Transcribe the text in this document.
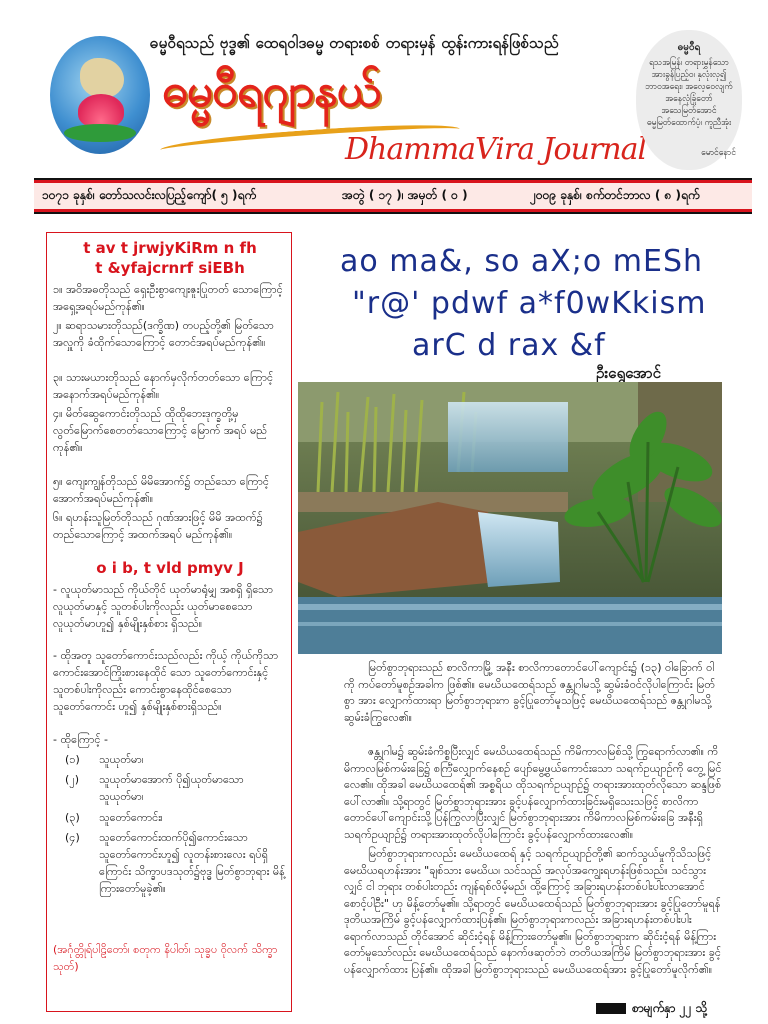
ဓမ္မဝီရသည် ဗုဒ္ဓ၏ ထေရဝါဒဓမ္မ တရားစစ် တရားမှန် ထွန်းကားရန်ဖြစ်သည်
ဓမ္မဝီရဂျာနယ်
DhammaVira Journal
ဓမ္မဝီရ
ရသအမြန်၊ တရားမွှန်သော
အားခွန်ပြည့်ဝ၊ နှလုံးလှ၍
ဘာဝအရေး၊ အလေ့ဝေလျက်
အနေလုံခြုံတော်
အသေမြတ်အောင်
ဓမ္မမြတ်ထောက်ပံ့၊ ကူညီအုံး
မောင်နောင်
၁၀၇၁ ခုနှစ်၊ တော်သလင်းလပြည့်ကျော်( ၅ )ရက်	အတွဲ ( ၁၇ )၊ အမှတ် ( ၀ )	၂၀၀၉ ခုနှစ်၊ စက်တင်ဘာလ ( ၈ )ရက်
t av t jrwjyKiRm n fh
t &yfajcrnrf siEBh
၁။ အဝိအဓတိုသည် ရှေးဦးစွာကျေးဇူးပြုတတ် သောကြောင့် အရှေ့အရပ်မည်ကုန်၏။
၂။ ဆရာသမားတိုသည်(ဒက္ခိဏ) တပည့်တို့၏ မြတ်သောအလှူကို ခံထိုက်သောကြောင့် တောင်အရပ်မည်ကုန်၏။
၃။ သားမယားတိုသည် နောက်မှလိုက်တတ်သော ကြောင့် အနောက်အရပ်မည်ကုန်၏။
၄။ မိတ်ဆွေကောင်းတိုသည် ထိုထိုဘေးဒုက္ခတို့မှ လွတ်မြောက်စေတတ်သောကြောင့် မြောက် အရပ် မည်ကုန်၏။
၅။ ကျေးကျွန်တိုသည် မိမိအောက်၌ တည်သော ကြောင့် အောက်အရပ်မည်ကုန်၏။
၆။ ရဟန်းသူမြတ်တိုသည် ဂုဏ်အားဖြင့် မိမိ အထက်၌ တည်သောကြောင့် အထက်အရပ် မည်ကုန်၏။
o i b, t vld pmyv J
- လူယုတ်မာသည် ကိုယ်တိုင် ယုတ်မာရုံမျှ အစရှိ ရှိသော လူယုတ်မာနှင့် သူတစ်ပါးကိုလည်း ယုတ်မာစေသော လူယုတ်မာဟူ၍ နှစ်မျိုးနှစ်စား ရှိသည်။
- ထိုအတူ သူတော်ကောင်းသည်လည်း ကိုယ့် ကိုယ်ကိုသာကောင်းအောင်ကြိုးစားနေထိုင် သော သူတော်ကောင်းနှင့် သူတစ်ပါးကိုလည်း ကောင်းစွာနေထိုင်စေသော သူတော်ကောင်း ဟူ၍ နှစ်မျိုးနှစ်စားရှိသည်။
- ထိုကြောင့် -
(၁)	သူယုတ်မာ၊
(၂)	သူယုတ်မာအောက် ပို၍ယုတ်မာသော သူယုတ်မာ၊
(၃)	သူတော်ကောင်း၊
(၄)	သူတော်ကောင်းထက်ပို၍ကောင်းသော သူတော်ကောင်းဟူ၍ လူတန်းစားလေး ရပ်ရှိကြောင်း သိက္ခာပဒသုတ်၌ဗုဒ္ဓ မြတ်စွာဘုရား မိန့်ကြားတော်မူခဲ့၏။
(အင်္ဂုတ္တိုရ်ပါဠိတော်၊ စတုက နိပါတ်၊ သုခ္ခပ ဝိုလက် သိက္ခာသုတ်)
ao ma&, so aX;o mESh
"r@' pdwf a*f0wKkism
arC d rax &f
ဦးရွှေအောင်
မြတ်စွာဘုရားသည် စာလိကာမြို့ အနီး စာလိကာတောင်ပေါ်ကျောင်း၌ (၁၃) ဝါခြောက် ဝါကို ကပ်တော်မူစဉ်အခါက ဖြစ်၏။ မေဃိယထေရ်သည် ဇန္တုဂါမသို့ ဆွမ်းခံဝင်လိုပါကြောင်း မြတ်စွာ အား လျှောက်ထားရာ မြတ်စွာဘုရားက ခွင့်ပြုတော်မူသဖြင့် မေဃိယထေရ်သည် ဇန္တုဂါမသို့ ဆွမ်းခံကြွလေ၏။
ဇန္တုဂါမ၌ ဆွမ်းခံကိစ္စပြီးလျှင် မေဃိယထေရ်သည် ကိမိကာလမြစ်သို့ ကြွရောက်လာ၏။ ကိမိကာလမြစ်ကမ်းခြေ၌ စင်္ကြံလျှောက်နေစဉ် ပျော်မွေ့ဖွယ်ကောင်းသော သရက်ဥယျာဉ်ကို တွေ့ မြင်လေ၏။ ထိုအခါ မေဃိယထေရ်၏ အစ္စရိယ ထိုသရက်ဥယျာဉ်၌ တရားအားထုတ်လိုသော ဆန္ဒဖြစ်ပေါ်လာ၏။ သို့ရာတွင် မြတ်စွာဘုရားအား ခွင့်ပန်လျှောက်ထားခြင်းမရှိသေးသဖြင့် စာလိကာတောင်ပေါ်ကျောင်းသို့ ပြန်ကြွလာပြီးလျှင် မြတ်စွာဘုရားအား ကိမိကာလမြစ်ကမ်းခြေ အနီးရှိ သရက်ဥယျာဉ်၌ တရားအားထုတ်လိုပါကြောင်း ခွင့်ပန်လျှောက်ထားလေ၏။
မြတ်စွာဘုရားကလည်း မေဃိယထေရ် နှင့် သရက်ဥယျာဉ်တို့၏ ဆက်သွယ်မှုကိုသိသဖြင့် မေဃိယရဟန်းအား "ချစ်သား မေဃိယ၊ သင်သည် အလုပ်အကျွေးရဟန်းဖြစ်သည်။ သင်သွားလျှင် ငါ ဘုရား တစ်ပါးတည်း ကျန်ရစ်လိမ့်မည်၊ ထို့ကြောင့် အခြားရဟန်းတစ်ပါးပါးလာအောင် စောင့်ပါဦး" ဟု မိန့်တော်မူ၏။ သို့ရာတွင် မေဃိယထေရ်သည် မြတ်စွာဘုရားအား ခွင့်ပြုတော်မူရန် ဒုတိယအကြိမ် ခွင့်ပန်လျှောက်ထားပြန်၏။ မြတ်စွာဘုရားကလည်း အခြားရဟန်းတစ်ပါးပါး ရောက်လာသည် တိုင်အောင် ဆိုင်းငံ့ရန် မိန့်ကြားတော်မူ၏။ မြတ်စွာဘုရားက ဆိုင်းငံ့ရန် မိန့်ကြားတော်မူသော်လည်း မေဃိယထေရ်သည် နောက်ဖဆုတ်ဘဲ တတိယအကြိမ် မြတ်စွာဘုရားအား ခွင့်ပန်လျှောက်ထား ပြန်၏။ ထိုအခါ မြတ်စွာဘုရားသည် မေဃိယထေရ်အား ခွင့်ပြုတော်မူလိုက်၏။
စာမျက်နှာ ၂၂ သို့
